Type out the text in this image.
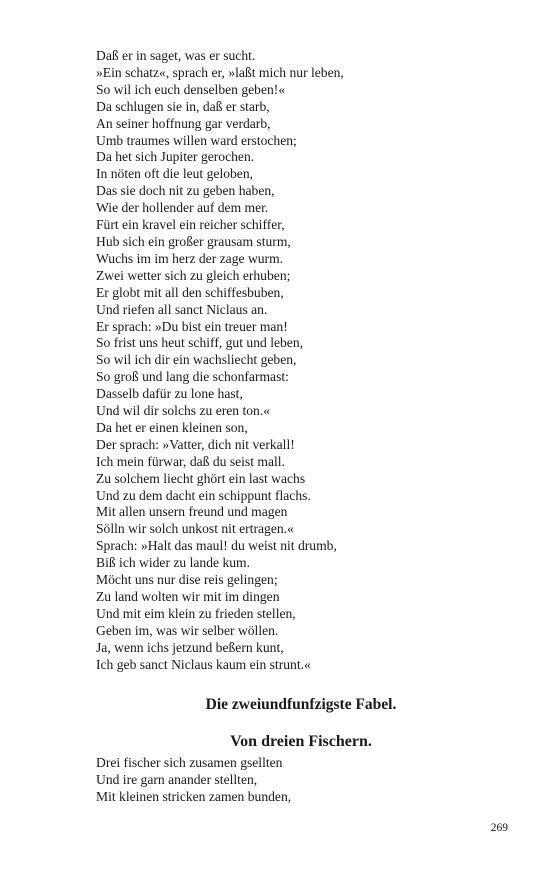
Daß er in saget, was er sucht.
»Ein schatz«, sprach er, »laßt mich nur leben,
So wil ich euch denselben geben!«
Da schlugen sie in, daß er starb,
An seiner hoffnung gar verdarb,
Umb traumes willen ward erstochen;
Da het sich Jupiter gerochen.
In nöten oft die leut geloben,
Das sie doch nit zu geben haben,
Wie der hollender auf dem mer.
Fürt ein kravel ein reicher schiffer,
Hub sich ein großer grausam sturm,
Wuchs im im herz der zage wurm.
Zwei wetter sich zu gleich erhuben;
Er globt mit all den schiffesbuben,
Und riefen all sanct Niclaus an.
Er sprach: »Du bist ein treuer man!
So frist uns heut schiff, gut und leben,
So wil ich dir ein wachsliecht geben,
So groß und lang die schonfarmast:
Dasselb dafür zu lone hast,
Und wil dir solchs zu eren ton.«
Da het er einen kleinen son,
Der sprach: »Vatter, dich nit verkall!
Ich mein fürwar, daß du seist mall.
Zu solchem liecht ghört ein last wachs
Und zu dem dacht ein schippunt flachs.
Mit allen unsern freund und magen
Sölln wir solch unkost nit ertragen.«
Sprach: »Halt das maul! du weist nit drumb,
Biß ich wider zu lande kum.
Möcht uns nur dise reis gelingen;
Zu land wolten wir mit im dingen
Und mit eim klein zu frieden stellen,
Geben im, was wir selber wöllen.
Ja, wenn ichs jetzund beßern kunt,
Ich geb sanct Niclaus kaum ein strunt.«
Die zweiundfunfzigste Fabel.
Von dreien Fischern.
Drei fischer sich zusamen gsellten
Und ire garn anander stellten,
Mit kleinen stricken zamen bunden,
269
